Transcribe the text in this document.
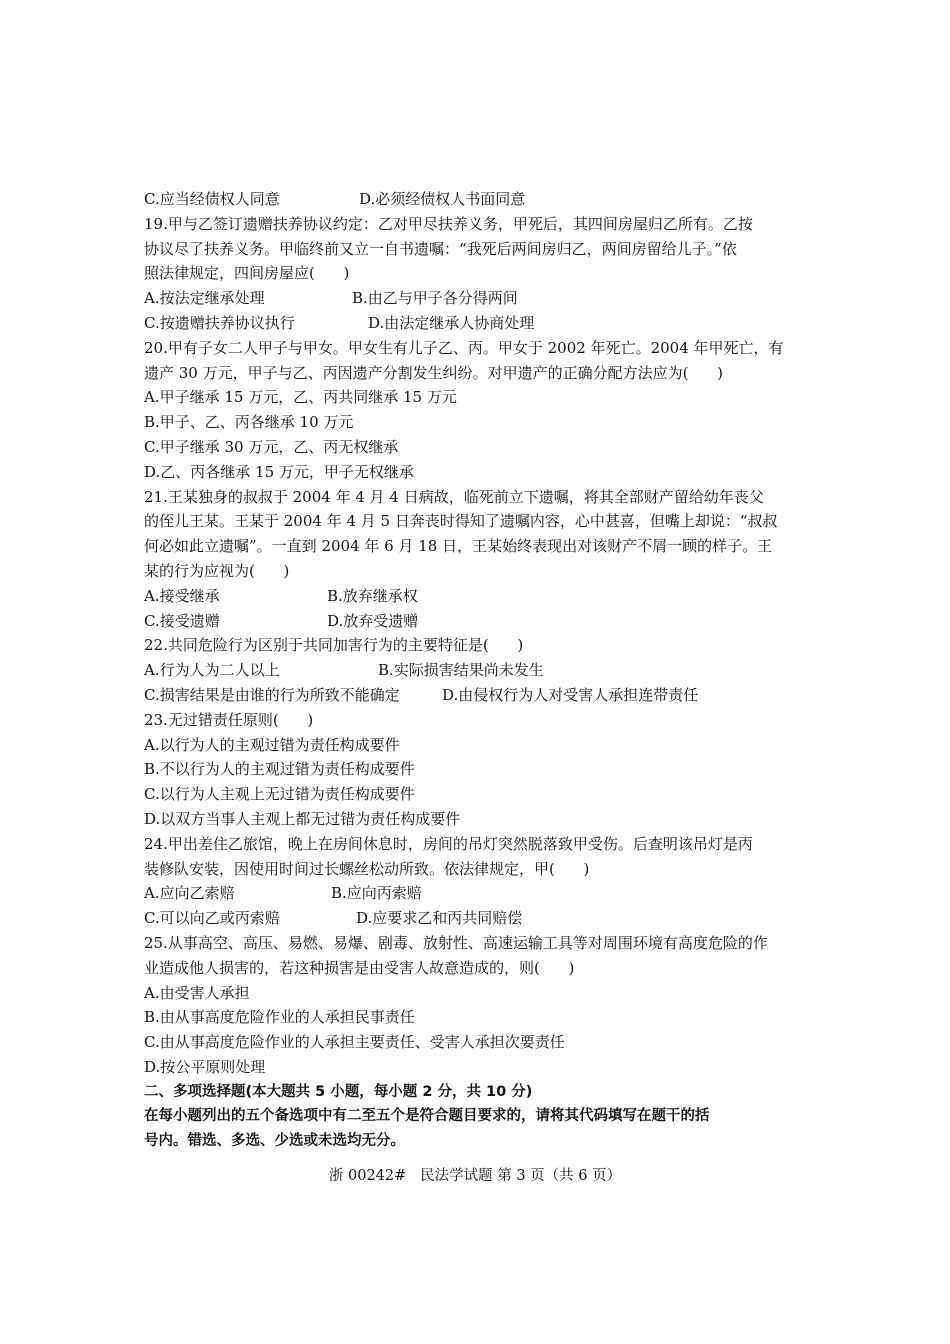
C.应当经债权人同意	D.必须经债权人书面同意
19.甲与乙签订遗赠扶养协议约定：乙对甲尽扶养义务，甲死后，其四间房屋归乙所有。乙按
协议尽了扶养义务。甲临终前又立一自书遗嘱：“我死后两间房归乙，两间房留给儿子。”依
照法律规定，四间房屋应(      )
A.按法定继承处理	B.由乙与甲子各分得两间
C.按遗赠扶养协议执行	D.由法定继承人协商处理
20.甲有子女二人甲子与甲女。甲女生有儿子乙、丙。甲女于 2002 年死亡。2004 年甲死亡，有
遗产 30 万元，甲子与乙、丙因遗产分割发生纠纷。对甲遗产的正确分配方法应为(      )
A.甲子继承 15 万元，乙、丙共同继承 15 万元
B.甲子、乙、丙各继承 10 万元
C.甲子继承 30 万元，乙、丙无权继承
D.乙、丙各继承 15 万元，甲子无权继承
21.王某独身的叔叔于 2004 年 4 月 4 日病故，临死前立下遗嘱，将其全部财产留给幼年丧父
的侄儿王某。王某于 2004 年 4 月 5 日奔丧时得知了遗嘱内容，心中甚喜，但嘴上却说：“叔叔
何必如此立遗嘱”。一直到 2004 年 6 月 18 日，王某始终表现出对该财产不屑一顾的样子。王
某的行为应视为(      )
A.接受继承	B.放弃继承权
C.接受遗赠	D.放弃受遗赠
22.共同危险行为区别于共同加害行为的主要特征是(      )
A.行为人为二人以上	B.实际损害结果尚未发生
C.损害结果是由谁的行为所致不能确定	D.由侵权行为人对受害人承担连带责任
23.无过错责任原则(      )
A.以行为人的主观过错为责任构成要件
B.不以行为人的主观过错为责任构成要件
C.以行为人主观上无过错为责任构成要件
D.以双方当事人主观上都无过错为责任构成要件
24.甲出差住乙旅馆，晚上在房间休息时，房间的吊灯突然脱落致甲受伤。后查明该吊灯是丙
装修队安装，因使用时间过长螺丝松动所致。依法律规定，甲(      )
A.应向乙索赔	B.应向丙索赔
C.可以向乙或丙索赔	D.应要求乙和丙共同赔偿
25.从事高空、高压、易燃、易爆、剧毒、放射性、高速运输工具等对周围环境有高度危险的作
业造成他人损害的，若这种损害是由受害人故意造成的，则(      )
A.由受害人承担
B.由从事高度危险作业的人承担民事责任
C.由从事高度危险作业的人承担主要责任、受害人承担次要责任
D.按公平原则处理
二、多项选择题(本大题共 5 小题，每小题 2 分，共 10 分)
在每小题列出的五个备选项中有二至五个是符合题目要求的，请将其代码填写在题干的括
号内。错选、多选、少选或未选均无分。
浙 00242#   民法学试题 第 3 页（共 6 页）
